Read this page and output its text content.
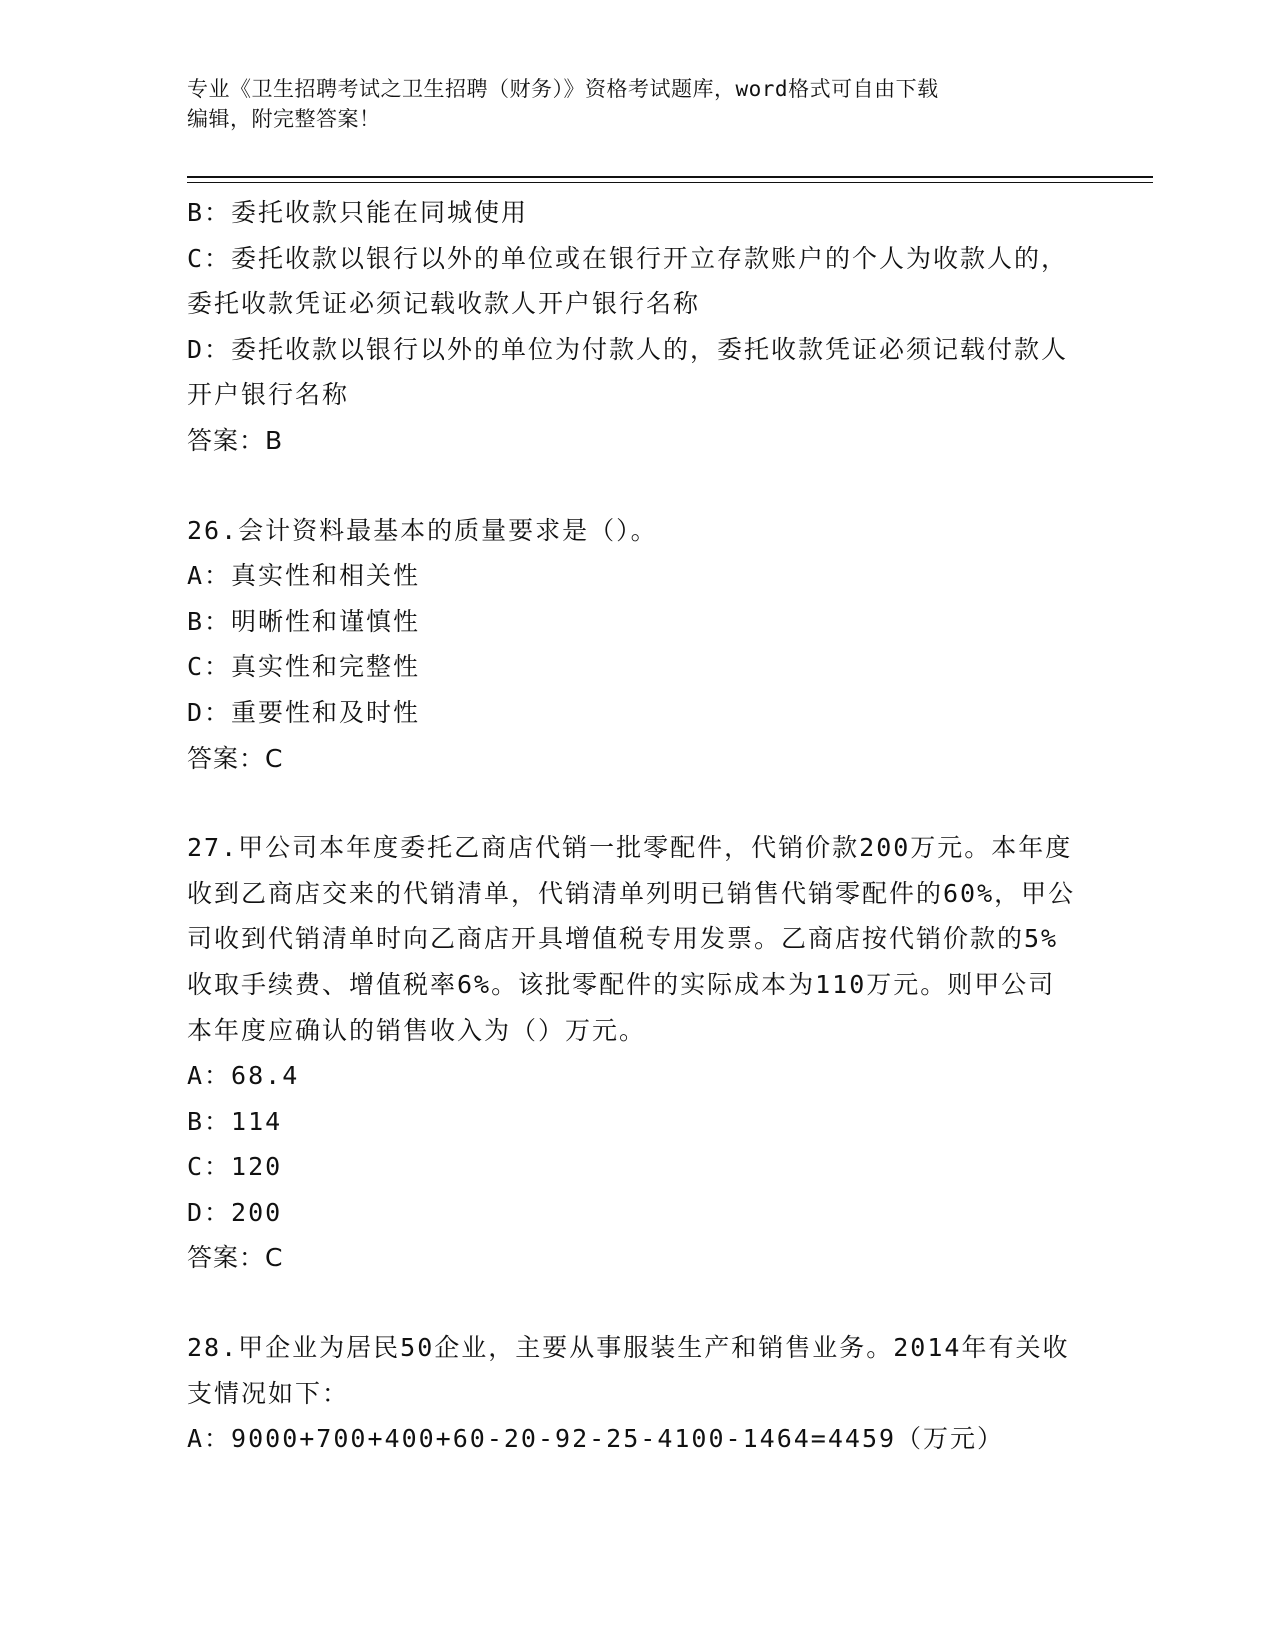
专业《卫生招聘考试之卫生招聘（财务）》资格考试题库，word格式可自由下载
编辑，附完整答案！
B：委托收款只能在同城使用
C：委托收款以银行以外的单位或在银行开立存款账户的个人为收款人的，委托收款凭证必须记载收款人开户银行名称
D：委托收款以银行以外的单位为付款人的，委托收款凭证必须记载付款人开户银行名称
答案：B
26.会计资料最基本的质量要求是（）。
A：真实性和相关性
B：明晰性和谨慎性
C：真实性和完整性
D：重要性和及时性
答案：C
27.甲公司本年度委托乙商店代销一批零配件，代销价款200万元。本年度收到乙商店交来的代销清单，代销清单列明已销售代销零配件的60%，甲公司收到代销清单时向乙商店开具增值税专用发票。乙商店按代销价款的5%收取手续费、增值税率6%。该批零配件的实际成本为110万元。则甲公司本年度应确认的销售收入为（）万元。
A：68.4
B：114
C：120
D：200
答案：C
28.甲企业为居民50企业，主要从事服装生产和销售业务。2014年有关收支情况如下：
A：9000+700+400+60-20-92-25-4100-1464=4459（万元）
